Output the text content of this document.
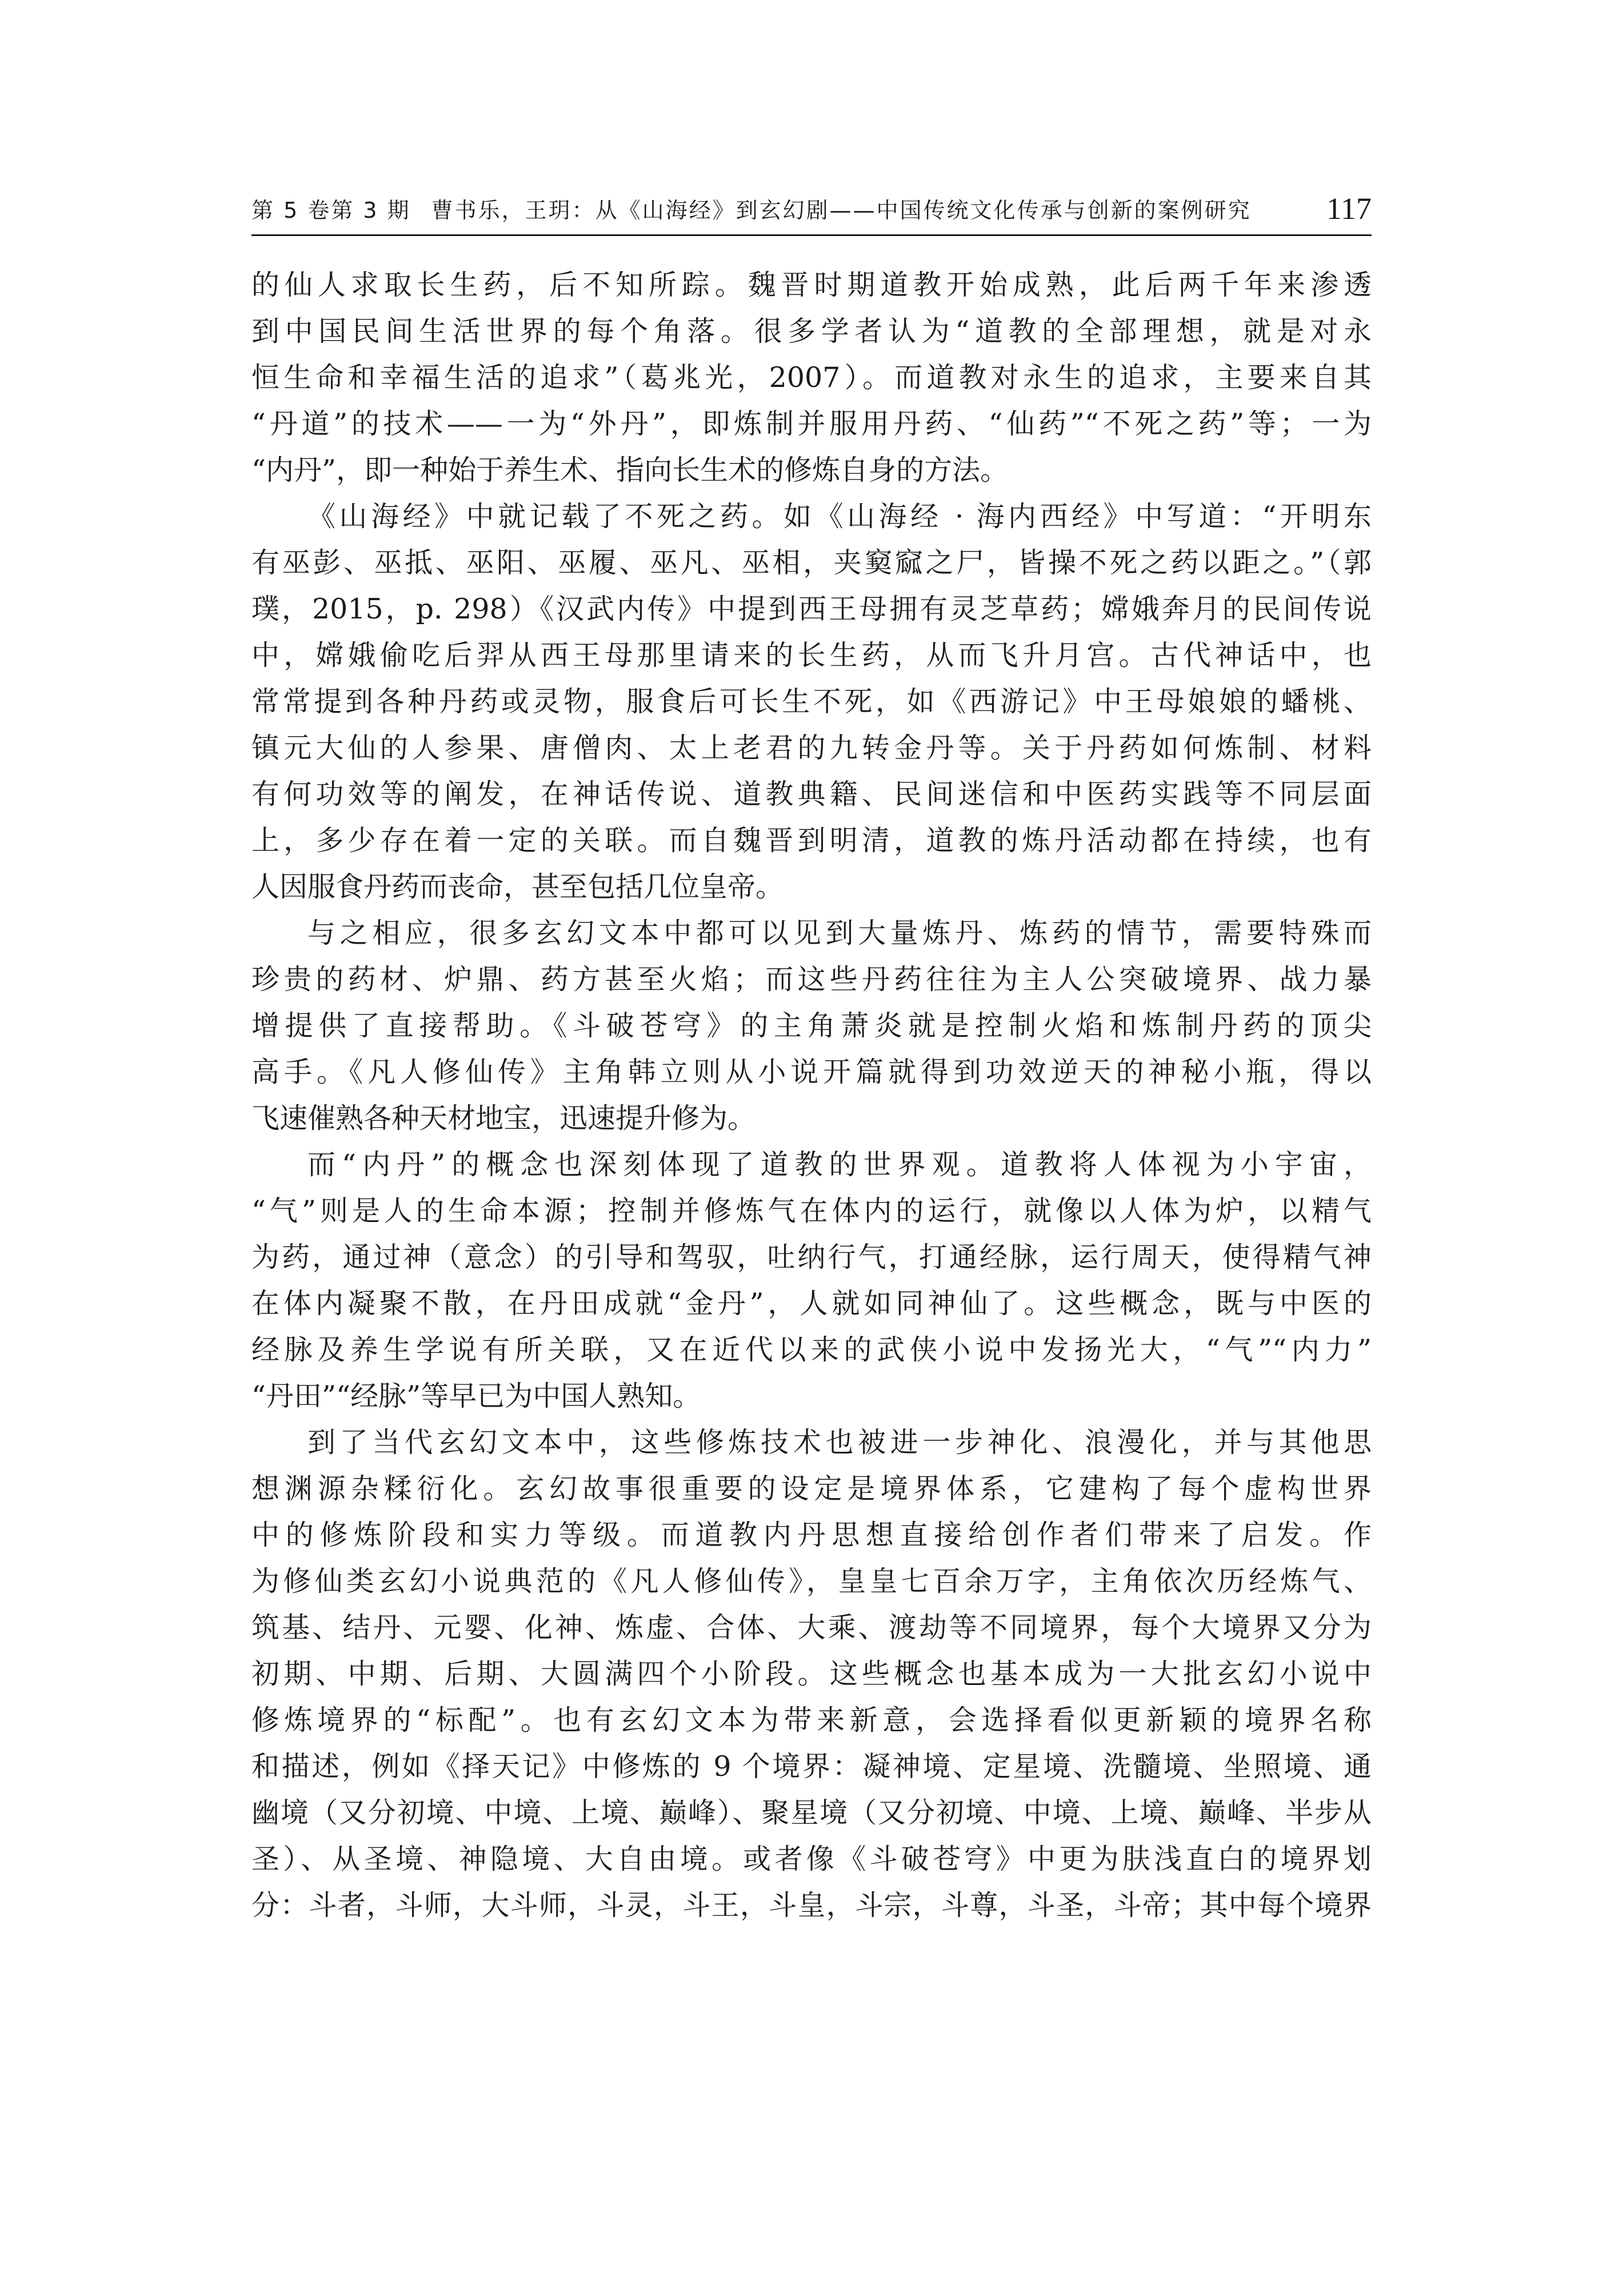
第 5 卷第 3 期 曹书乐，王玥：从《山海经》到玄幻剧——中国传统文化传承与创新的案例研究 117

的仙人求取长生药，后不知所踪。魏晋时期道教开始成熟，此后两千年来渗透

到中国民间生活世界的每个角落。很多学者认为“道教的全部理想，就是对永

恒生命和幸福生活的追求”（葛兆光，2007）。而道教对永生的追求，主要来自其

“丹道”的技术——一为“外丹”，即炼制并服用丹药、“仙药”“不死之药”等；一为

“内丹”，即一种始于养生术、指向长生术的修炼自身的方法。

《山海经》中就记载了不死之药。如《山海经 · 海内西经》中写道：“开明东

有巫彭、巫抵、巫阳、巫履、巫凡、巫相，夹窫窳之尸，皆操不死之药以距之。”（郭

璞，2015，p. 298）《汉武内传》中提到西王母拥有灵芝草药；嫦娥奔月的民间传说

中，嫦娥偷吃后羿从西王母那里请来的长生药，从而飞升月宫。古代神话中，也

常常提到各种丹药或灵物，服食后可长生不死，如《西游记》中王母娘娘的蟠桃、

镇元大仙的人参果、唐僧肉、太上老君的九转金丹等。关于丹药如何炼制、材料

有何功效等的阐发，在神话传说、道教典籍、民间迷信和中医药实践等不同层面

上，多少存在着一定的关联。而自魏晋到明清，道教的炼丹活动都在持续，也有

人因服食丹药而丧命，甚至包括几位皇帝。

与之相应，很多玄幻文本中都可以见到大量炼丹、炼药的情节，需要特殊而

珍贵的药材、炉鼎、药方甚至火焰；而这些丹药往往为主人公突破境界、战力暴

增提供了直接帮助。《斗破苍穹》的主角萧炎就是控制火焰和炼制丹药的顶尖

高手。《凡人修仙传》主角韩立则从小说开篇就得到功效逆天的神秘小瓶，得以

飞速催熟各种天材地宝，迅速提升修为。

而“内丹”的概念也深刻体现了道教的世界观。道教将人体视为小宇宙，

“气”则是人的生命本源；控制并修炼气在体内的运行，就像以人体为炉，以精气

为药，通过神（意念）的引导和驾驭，吐纳行气，打通经脉，运行周天，使得精气神

在体内凝聚不散，在丹田成就“金丹”，人就如同神仙了。这些概念，既与中医的

经脉及养生学说有所关联，又在近代以来的武侠小说中发扬光大，“气”“内力”

“丹田”“经脉”等早已为中国人熟知。

到了当代玄幻文本中，这些修炼技术也被进一步神化、浪漫化，并与其他思

想渊源杂糅衍化。玄幻故事很重要的设定是境界体系，它建构了每个虚构世界

中的修炼阶段和实力等级。而道教内丹思想直接给创作者们带来了启发。作

为修仙类玄幻小说典范的《凡人修仙传》，皇皇七百余万字，主角依次历经炼气、

筑基、结丹、元婴、化神、炼虚、合体、大乘、渡劫等不同境界，每个大境界又分为

初期、中期、后期、大圆满四个小阶段。这些概念也基本成为一大批玄幻小说中

修炼境界的“标配”。也有玄幻文本为带来新意，会选择看似更新颖的境界名称

和描述，例如《择天记》中修炼的 9 个境界：凝神境、定星境、洗髓境、坐照境、通

幽境（又分初境、中境、上境、巅峰）、聚星境（又分初境、中境、上境、巅峰、半步从

圣）、从圣境、神隐境、大自由境。或者像《斗破苍穹》中更为肤浅直白的境界划

分：斗者，斗师，大斗师，斗灵，斗王，斗皇，斗宗，斗尊，斗圣，斗帝；其中每个境界
